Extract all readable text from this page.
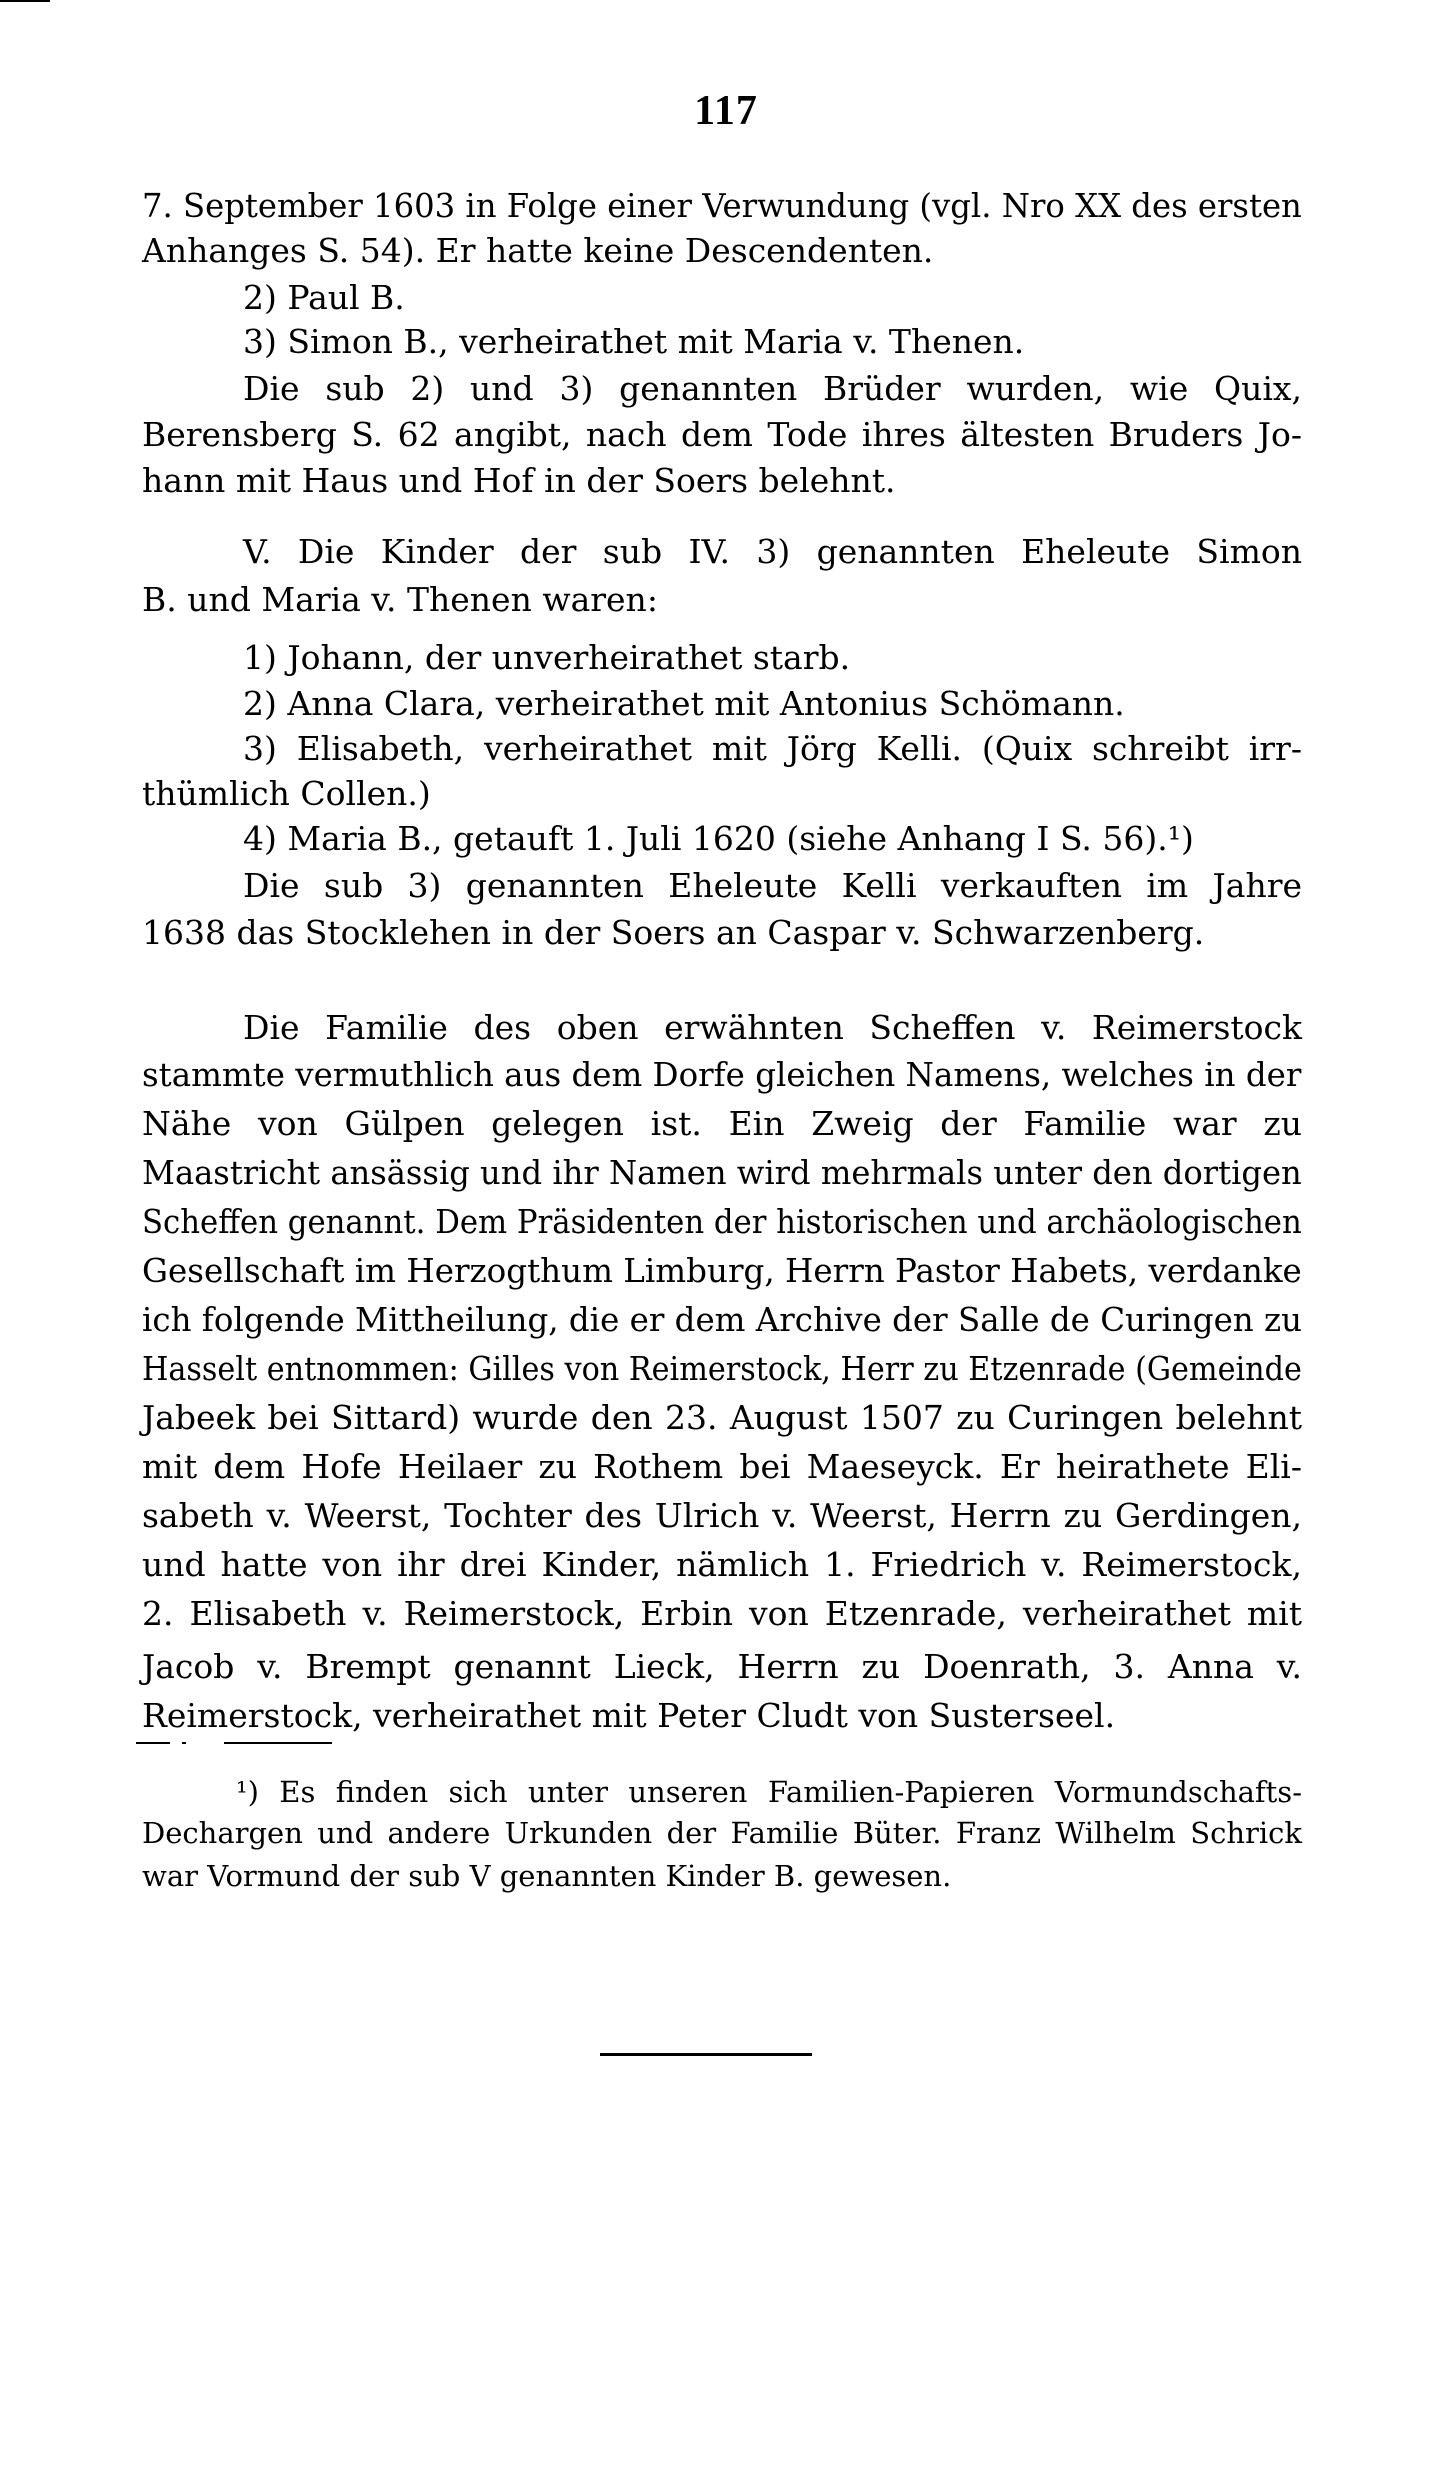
117
7. September 1603 in Folge einer Verwundung (vgl. Nro XX des ersten
Anhanges S. 54). Er hatte keine Descendenten.
2) Paul B.
3) Simon B., verheirathet mit Maria v. Thenen.
Die sub 2) und 3) genannten Brüder wurden, wie Quix,
Berensberg S. 62 angibt, nach dem Tode ihres ältesten Bruders Jo-
hann mit Haus und Hof in der Soers belehnt.
V. Die Kinder der sub IV. 3) genannten Eheleute Simon
B. und Maria v. Thenen waren:
1) Johann, der unverheirathet starb.
2) Anna Clara, verheirathet mit Antonius Schömann.
3) Elisabeth, verheirathet mit Jörg Kelli. (Quix schreibt irr-
thümlich Collen.)
4) Maria B., getauft 1. Juli 1620 (siehe Anhang I S. 56).¹)
Die sub 3) genannten Eheleute Kelli verkauften im Jahre
1638 das Stocklehen in der Soers an Caspar v. Schwarzenberg.
Die Familie des oben erwähnten Scheffen v. Reimerstock
stammte vermuthlich aus dem Dorfe gleichen Namens, welches in der
Nähe von Gülpen gelegen ist. Ein Zweig der Familie war zu
Maastricht ansässig und ihr Namen wird mehrmals unter den dortigen
Scheffen genannt. Dem Präsidenten der historischen und archäologischen
Gesellschaft im Herzogthum Limburg, Herrn Pastor Habets, verdanke
ich folgende Mittheilung, die er dem Archive der Salle de Curingen zu
Hasselt entnommen: Gilles von Reimerstock, Herr zu Etzenrade (Gemeinde
Jabeek bei Sittard) wurde den 23. August 1507 zu Curingen belehnt
mit dem Hofe Heilaer zu Rothem bei Maeseyck. Er heirathete Eli-
sabeth v. Weerst, Tochter des Ulrich v. Weerst, Herrn zu Gerdingen,
und hatte von ihr drei Kinder, nämlich 1. Friedrich v. Reimerstock,
2. Elisabeth v. Reimerstock, Erbin von Etzenrade, verheirathet mit
Jacob v. Brempt genannt Lieck, Herrn zu Doenrath, 3. Anna v.
Reimerstock, verheirathet mit Peter Cludt von Susterseel.
¹) Es finden sich unter unseren Familien-Papieren Vormundschafts-
Dechargen und andere Urkunden der Familie Büter. Franz Wilhelm Schrick
war Vormund der sub V genannten Kinder B. gewesen.
